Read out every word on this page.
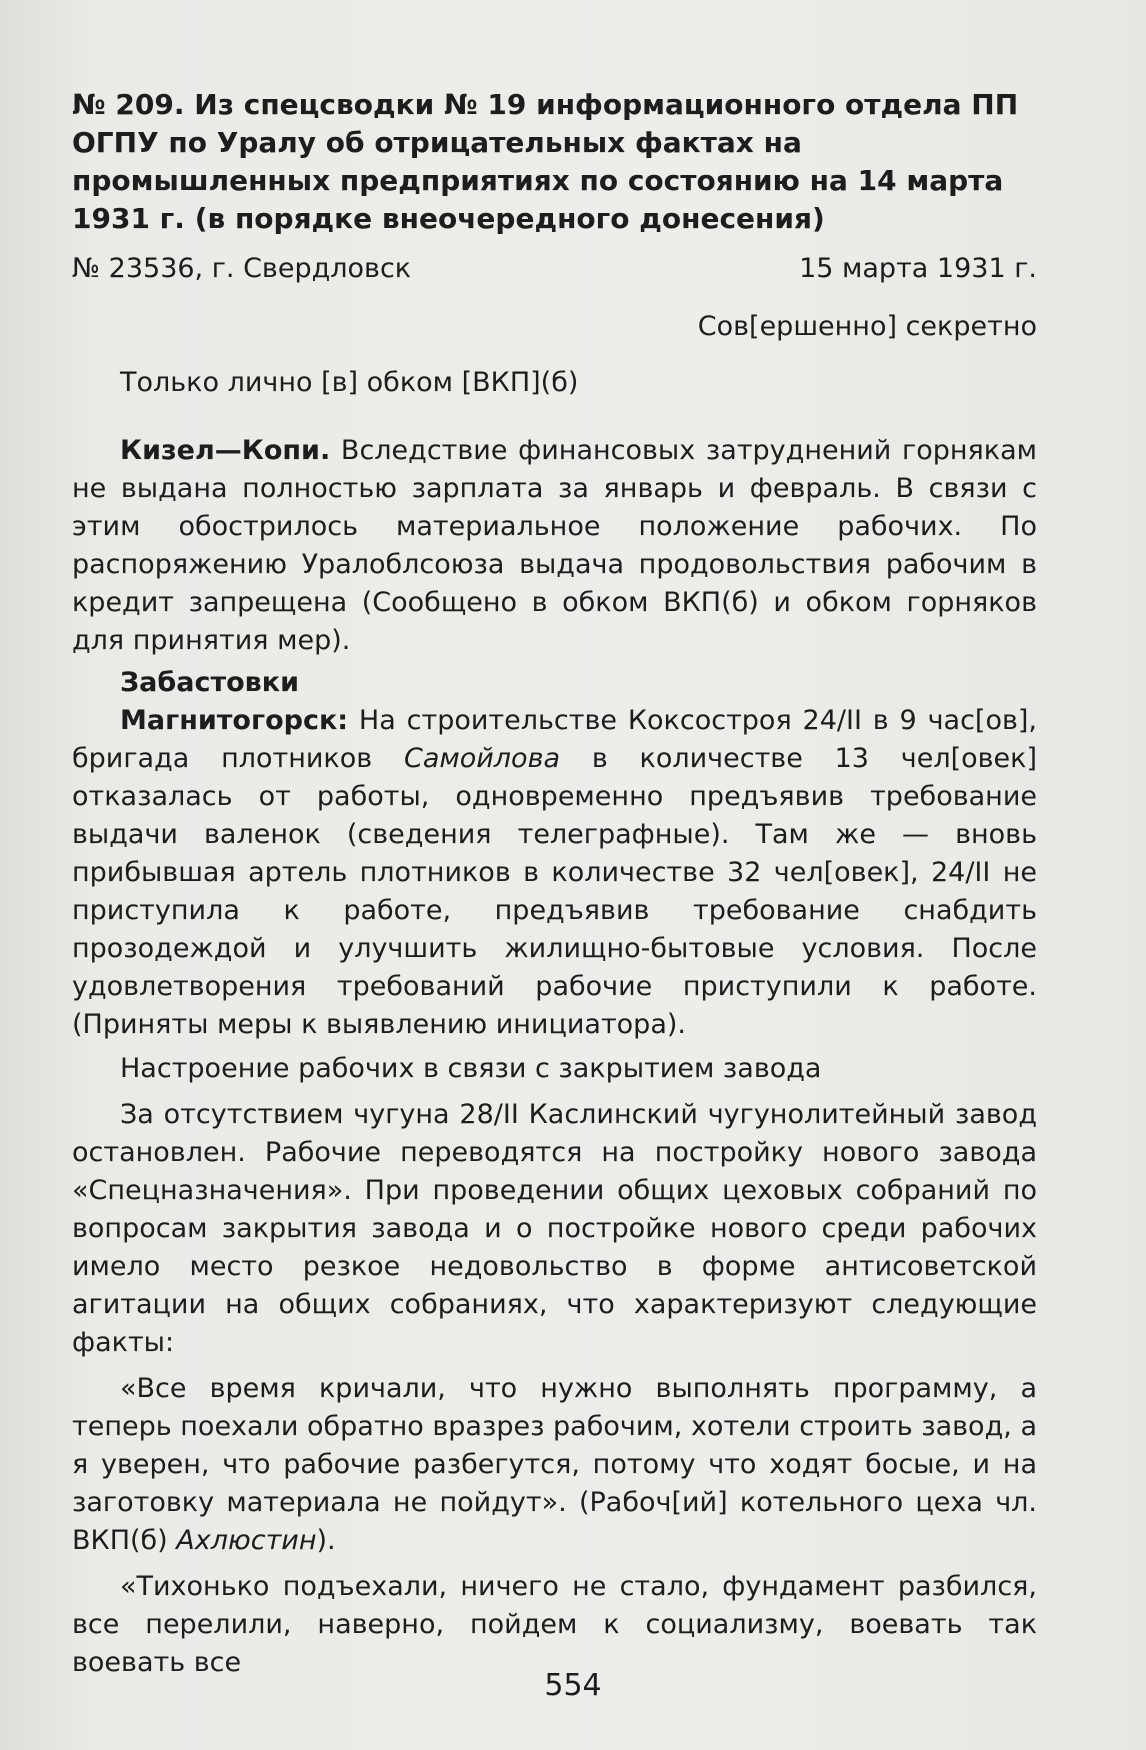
№ 209. Из спецсводки № 19 информационного отдела ПП ОГПУ по Уралу об отрицательных фактах на промышленных предприятиях по состоянию на 14 марта 1931 г. (в порядке внеочередного донесения)
№ 23536, г. Свердловск	15 марта 1931 г.
Сов[ершенно] секретно
Только лично [в] обком [ВКП](б)

Кизел—Копи. Вследствие финансовых затруднений горнякам не выдана полностью зарплата за январь и февраль. В связи с этим обострилось материальное положение рабочих. По распоряжению Уралоблсоюза выдача продовольствия рабочим в кредит запрещена (Сообщено в обком ВКП(б) и обком горняков для принятия мер).

Забастовки

Магнитогорск: На строительстве Коксостроя 24/II в 9 час[ов], бригада плотников Самойлова в количестве 13 чел[овек] отказалась от работы, одновременно предъявив требование выдачи валенок (сведения телеграфные). Там же — вновь прибывшая артель плотников в количестве 32 чел[овек], 24/II не приступила к работе, предъявив требование снабдить прозодеждой и улучшить жилищно-бытовые условия. После удовлетворения требований рабочие приступили к работе. (Приняты меры к выявлению инициатора).

Настроение рабочих в связи с закрытием завода

За отсутствием чугуна 28/II Каслинский чугунолитейный завод остановлен. Рабочие переводятся на постройку нового завода «Спецназначения». При проведении общих цеховых собраний по вопросам закрытия завода и о постройке нового среди рабочих имело место резкое недовольство в форме антисоветской агитации на общих собраниях, что характеризуют следующие факты:

«Все время кричали, что нужно выполнять программу, а теперь поехали обратно вразрез рабочим, хотели строить завод, а я уверен, что рабочие разбегутся, потому что ходят босые, и на заготовку материала не пойдут». (Рабоч[ий] котельного цеха чл. ВКП(б) Ахлюстин).

«Тихонько подъехали, ничего не стало, фундамент разбился, все перелили, наверно, пойдем к социализму, воевать так воевать все

554
